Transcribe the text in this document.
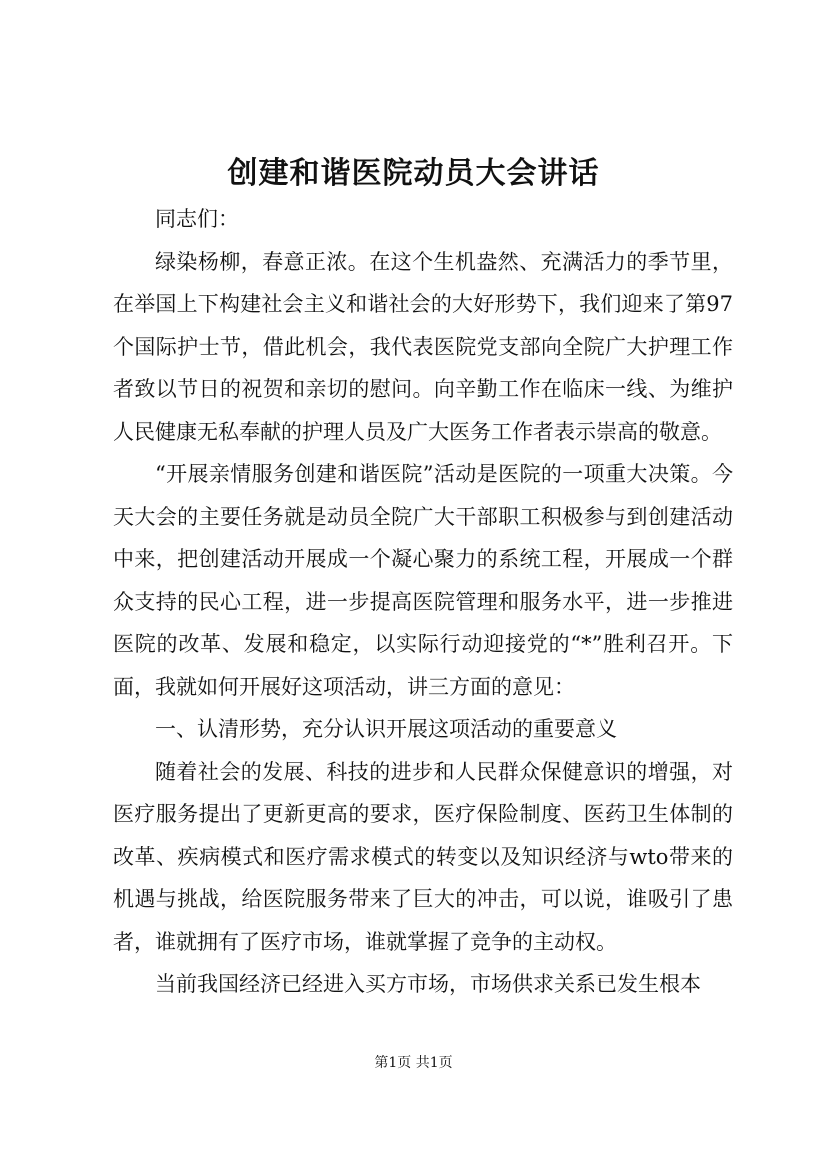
创建和谐医院动员大会讲话

同志们：

绿染杨柳，春意正浓。在这个生机盎然、充满活力的季节里，在举国上下构建社会主义和谐社会的大好形势下，我们迎来了第97个国际护士节，借此机会，我代表医院党支部向全院广大护理工作者致以节日的祝贺和亲切的慰问。向辛勤工作在临床一线、为维护人民健康无私奉献的护理人员及广大医务工作者表示崇高的敬意。

“开展亲情服务创建和谐医院”活动是医院的一项重大决策。今天大会的主要任务就是动员全院广大干部职工积极参与到创建活动中来，把创建活动开展成一个凝心聚力的系统工程，开展成一个群众支持的民心工程，进一步提高医院管理和服务水平，进一步推进医院的改革、发展和稳定，以实际行动迎接党的“*”胜利召开。下面，我就如何开展好这项活动，讲三方面的意见：

一、认清形势，充分认识开展这项活动的重要意义

随着社会的发展、科技的进步和人民群众保健意识的增强，对医疗服务提出了更新更高的要求，医疗保险制度、医药卫生体制的改革、疾病模式和医疗需求模式的转变以及知识经济与wto带来的机遇与挑战，给医院服务带来了巨大的冲击，可以说，谁吸引了患者，谁就拥有了医疗市场，谁就掌握了竞争的主动权。

当前我国经济已经进入买方市场，市场供求关系已发生根本

第1页 共1页
